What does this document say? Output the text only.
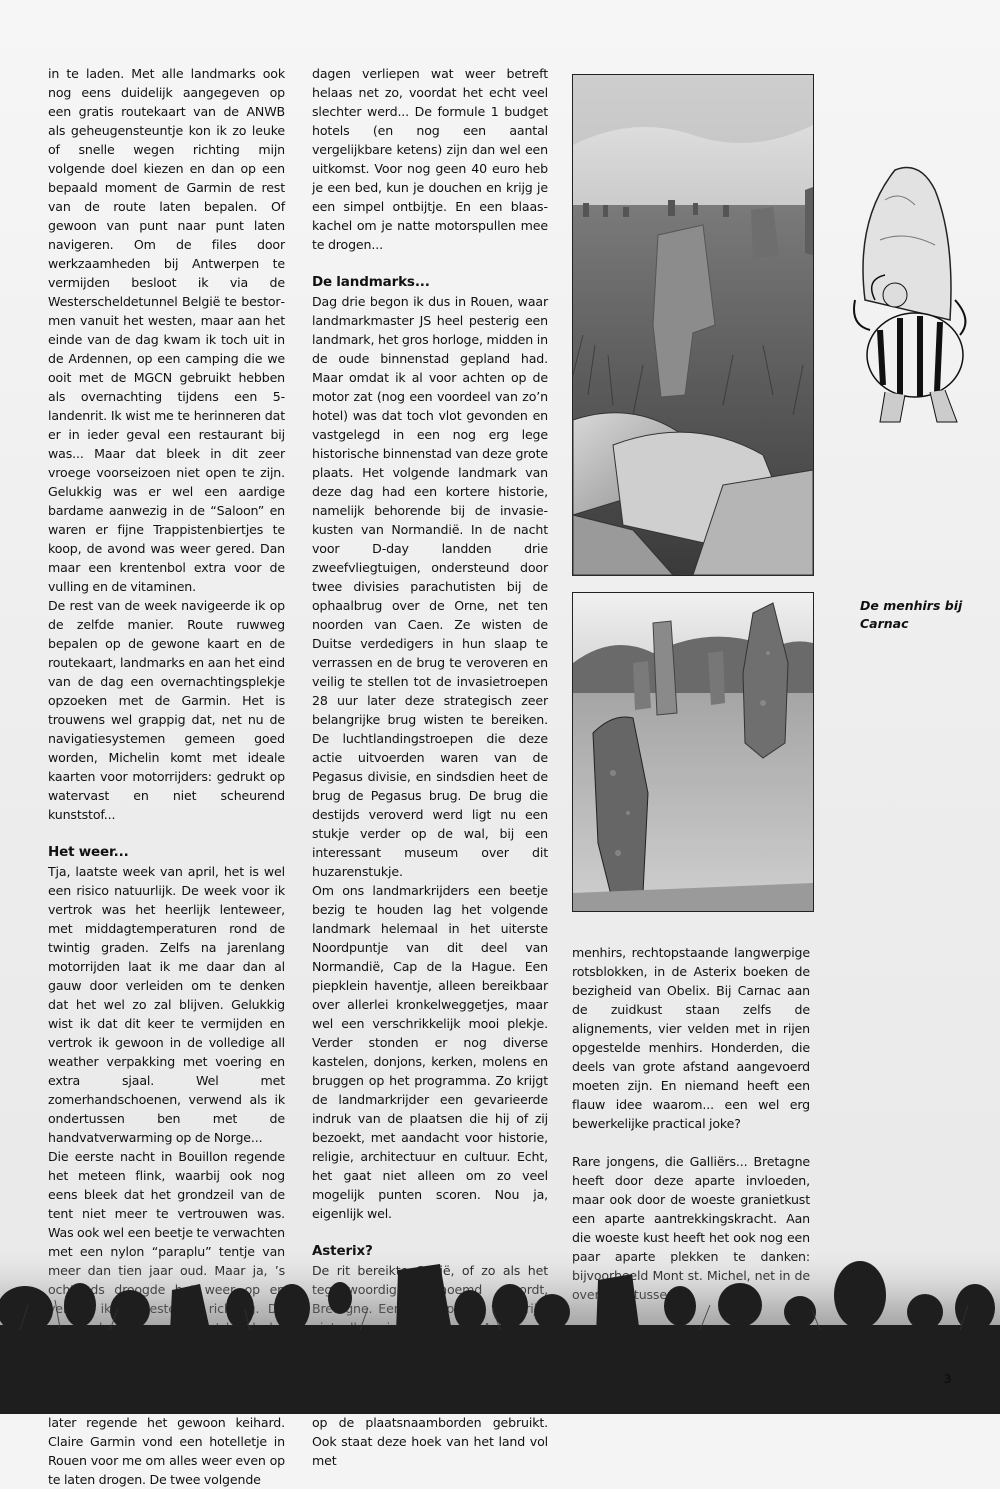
in te laden. Met alle landmarks ook nog eens duidelijk aangegeven op een gratis routekaart van de ANWB als geheugensteuntje kon ik zo leuke of snelle wegen richting mijn volgende doel kiezen en dan op een bepaald moment de Garmin de rest van de route laten bepalen. Of gewoon van punt naar punt laten navigeren. Om de files door werkzaamheden bij Antwerpen te vermijden besloot ik via de Westerscheldetunnel België te bestormen vanuit het westen, maar aan het einde van de dag kwam ik toch uit in de Ardennen, op een camping die we ooit met de MGCN gebruikt hebben als overnachting tijdens een 5-landenrit. Ik wist me te herinneren dat er in ieder geval een restaurant bij was... Maar dat bleek in dit zeer vroege voorseizoen niet open te zijn. Gelukkig was er wel een aardige bardame aanwezig in de “Saloon” en waren er fijne Trappistenbiertjes te koop, de avond was weer gered. Dan maar een krentenbol extra voor de vulling en de vitaminen.

De rest van de week navigeerde ik op de zelfde manier. Route ruwweg bepalen op de gewone kaart en de routekaart, landmarks en aan het eind van de dag een overnachtingsplekje opzoeken met de Garmin. Het is trouwens wel grappig dat, net nu de navigatiesystemen gemeen goed worden, Michelin komt met ideale kaarten voor motorrijders: gedrukt op watervast en niet scheurend kunststof...

Het weer...

Tja, laatste week van april, het is wel een risico natuurlijk. De week voor ik vertrok was het heerlijk lenteweer, met middagtemperaturen rond de twintig graden. Zelfs na jarenlang motorrijden laat ik me daar dan al gauw door verleiden om te denken dat het wel zo zal blijven. Gelukkig wist ik dat dit keer te vermijden en vertrok ik gewoon in de volledige all weather verpakking met voering en extra sjaal. Wel met zomerhandschoenen, verwend als ik ondertussen ben met de handvatverwarming op de Norge...

Die eerste nacht in Bouillon regende het meteen flink, waarbij ook nog eens bleek dat het grondzeil van de tent niet meer te vertrouwen was. Was ook wel een beetje te verwachten later regende het gewoon keihard. Claire Garmin vond een hotelletje in Rouen voor me om alles weer even op te laten drogen. De twee volgende

dagen verliepen wat weer betreft helaas net zo, voordat het echt veel slechter werd... De formule 1 budget hotels (en nog een aantal vergelijkbare ketens) zijn dan wel een uitkomst. Voor nog geen 40 euro heb je een bed, kun je douchen en krijg je een simpel ontbijtje. En een blaaskachel om je natte motorspullen mee te drogen...

De landmarks...

Dag drie begon ik dus in Rouen, waar landmarkmaster JS heel pesterig een landmark, het gros horloge, midden in de oude binnenstad gepland had. Maar omdat ik al voor achten op de motor zat (nog een voordeel van zo’n hotel) was dat toch vlot gevonden en vastgelegd in een nog erg lege historische binnenstad van deze grote plaats. Het volgende landmark van deze dag had een kortere historie, namelijk behorende bij de invasiekusten van Normandië. In de nacht voor D-day landden drie zweefvliegtuigen, ondersteund door twee divisies parachutisten bij de ophaalbrug over de Orne, net ten noorden van Caen. Ze wisten de Duitse verdedigers in hun slaap te verrassen en de brug te veroveren en veilig te stellen tot de invasietroepen 28 uur later deze strategisch zeer belangrijke brug wisten te bereiken. De luchtlandingstroepen die deze actie uitvoerden waren van de Pegasus divisie, en sindsdien heet de brug de Pegasus brug. De brug die destijds veroverd werd ligt nu een stukje verder op de wal, bij een interessant museum over dit huzarenstukje.

Om ons landmarkrijders een beetje bezig te houden lag het volgende landmark helemaal in het uiterste Noordpuntje van dit deel van Normandië, Cap de la Hague. Een piepklein haventje, alleen bereikbaar over allerlei kronkelweggetjes, maar wel een verschrikkelijk mooi plekje. Verder stonden er nog diverse kastelen, donjons, kerken, molens en bruggen op het programma. Zo krijgt de landmarkrijder een gevarieerde indruk van de plaatsen die hij of zij bezoekt, met aandacht voor historie, religie, architectuur en cultuur. Echt, het gaat niet alleen om zo veel mogelijk punten scoren. Nou ja, eigenlijk wel.

op de plaatsnaamborden gebruikt. Ook staat deze hoek van het land vol met

De menhirs bij Carnac

menhirs, rechtopstaande langwerpige rotsblokken, in de Asterix boeken de bezigheid van Obelix. Bij Carnac aan de zuidkust staan zelfs de alignements, vier velden met in rijen opgestelde menhirs. Honderden, die deels van grote afstand aangevoerd moeten zijn. En niemand heeft een flauw idee waarom... een wel erg bewerkelijke practical joke?

Rare jongens, die Galliërs... Bretagne heeft door deze aparte invloeden, maar ook door de woeste granietkust een aparte aantrekkingskracht. Aan die woeste kust heeft het ook nog een

3
